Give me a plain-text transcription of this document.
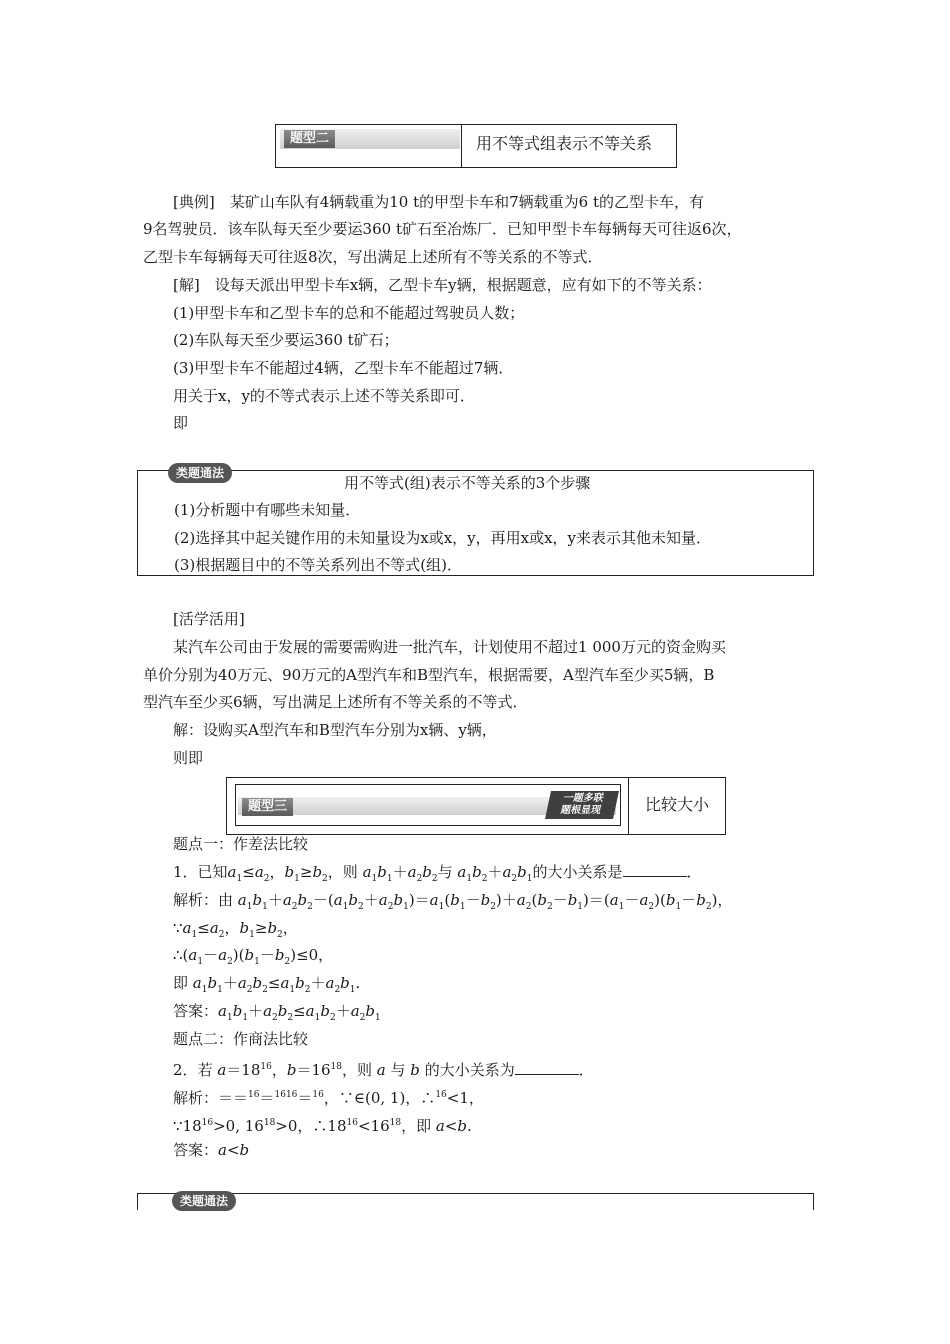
题型二	用不等式组表示不等关系
[典例]　某矿山车队有4辆载重为10 t的甲型卡车和7辆载重为6 t的乙型卡车，有
9名驾驶员．该车队每天至少要运360 t矿石至冶炼厂．已知甲型卡车每辆每天可往返6次，
乙型卡车每辆每天可往返8次，写出满足上述所有不等关系的不等式．
[解]　设每天派出甲型卡车x辆，乙型卡车y辆，根据题意，应有如下的不等关系：
(1)甲型卡车和乙型卡车的总和不能超过驾驶员人数；
(2)车队每天至少要运360 t矿石；
(3)甲型卡车不能超过4辆，乙型卡车不能超过7辆．
用关于x，y的不等式表示上述不等关系即可．
即
类题通法
用不等式(组)表示不等关系的3个步骤
(1)分析题中有哪些未知量．
(2)选择其中起关键作用的未知量设为x或x，y，再用x或x，y来表示其他未知量．
(3)根据题目中的不等关系列出不等式(组)．
[活学活用]
某汽车公司由于发展的需要需购进一批汽车，计划使用不超过1 000万元的资金购买
单价分别为40万元、90万元的A型汽车和B型汽车，根据需要，A型汽车至少买5辆，B
型汽车至少买6辆，写出满足上述所有不等关系的不等式．
解：设购买A型汽车和B型汽车分别为x辆、y辆，
则即
题型三
一题多联
题根显现	比较大小
题点一：作差法比较
1．已知$a_1\le a_2$，$b_1\ge b_2$，则 $a_1b_1+a_2b_2$与 $a_1b_2+a_2b_1$的大小关系是	．
解析：由 $a_1b_1+a_2b_2-(a_1b_2+a_2b_1)=a_1(b_1-b_2)+a_2(b_2-b_1)=(a_1-a_2)(b_1-b_2)$，
$\because a_1\le a_2$，$b_1\ge b_2$，
$\therefore(a_1-a_2)(b_1-b_2)\le 0$，
即 $a_1b_1+a_2b_2\le a_1b_2+a_2b_1$.
答案：$a_1b_1+a_2b_2\le a_1b_2+a_2b_1$
题点二：作商法比较
2．若 $a=18^{16}$，$b=16^{18}$，则 a 与 b 的大小关系为	．
解析：＝＝$^{16}$＝$^{1616}$＝$^{16}$，∵∈(0, 1)，∴$^{16}$<1，
$\because 18^{16}>0$, $16^{18}>0$，$\therefore 18^{16}<16^{18}$，即 a<b.
答案：a<b
类题通法
